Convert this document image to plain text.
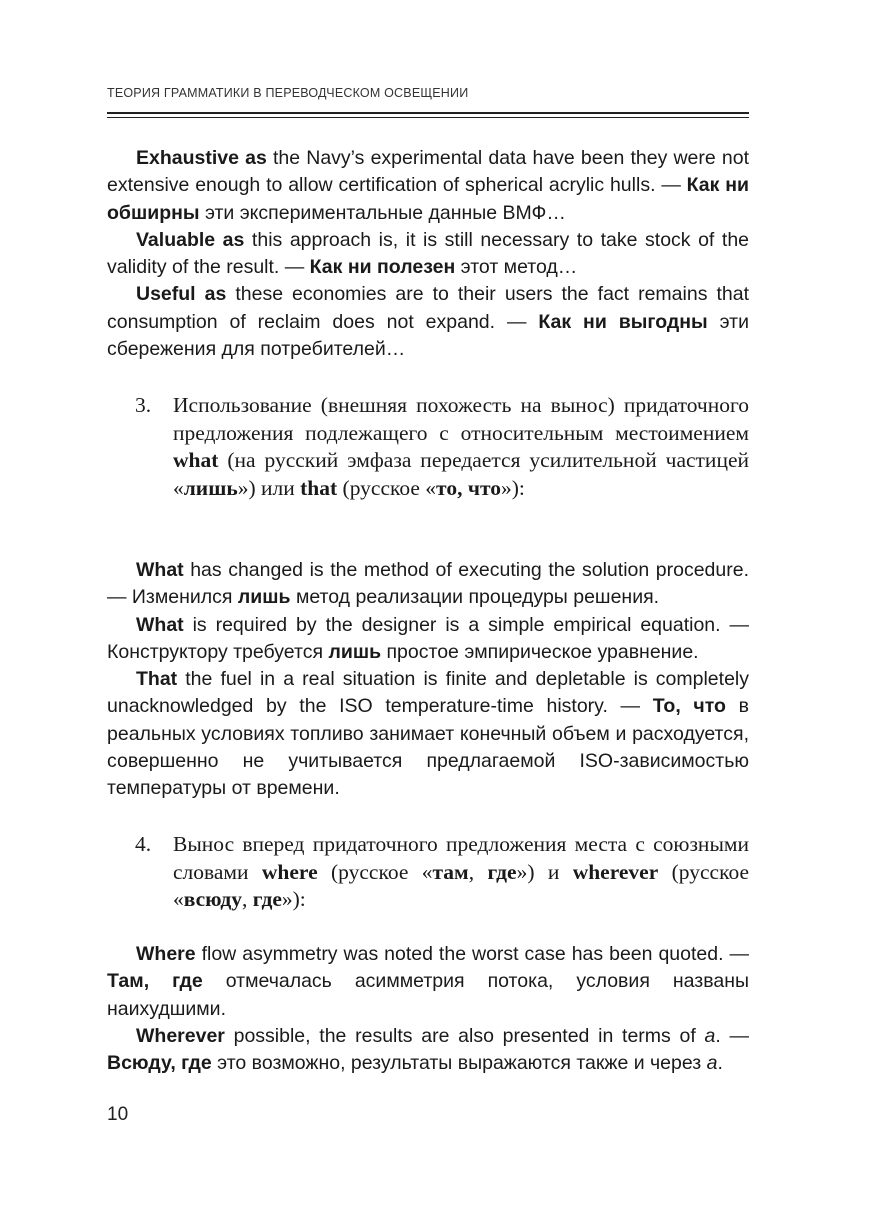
ТЕОРИЯ ГРАММАТИКИ В ПЕРЕВОДЧЕСКОМ ОСВЕЩЕНИИ

Exhaustive as the Navy’s experimental data have been they were not extensive enough to allow certification of spherical acrylic hulls. — Как ни обширны эти экспериментальные данные ВМФ…

Valuable as this approach is, it is still necessary to take stock of the validity of the result. — Как ни полезен этот метод…

Useful as these economies are to their users the fact remains that consumption of reclaim does not expand. — Как ни выгодны эти сбережения для потребителей…

3.	Использование (внешняя похожесть на вынос) придаточного предложения подлежащего с относительным местоимением what (на русский эмфаза передается усилительной частицей «лишь») или that (русское «то, что»):

What has changed is the method of executing the solution procedure. — Изменился лишь метод реализации процедуры решения.

What is required by the designer is a simple empirical equation. — Конструктору требуется лишь простое эмпирическое уравнение.

That the fuel in a real situation is finite and depletable is completely unacknowledged by the ISO temperature-time history. — То, что в реальных условиях топливо занимает конечный объем и расходуется, совершенно не учитывается предлагаемой ISO-зависимостью температуры от времени.

4.	Вынос вперед придаточного предложения места с союзными словами where (русское «там, где») и wherever (русское «всюду, где»):

Where flow asymmetry was noted the worst case has been quoted. — Там, где отмечалась асимметрия потока, условия названы наихудшими.

Wherever possible, the results are also presented in terms of a. — Всюду, где это возможно, результаты выражаются также и через a.

10
